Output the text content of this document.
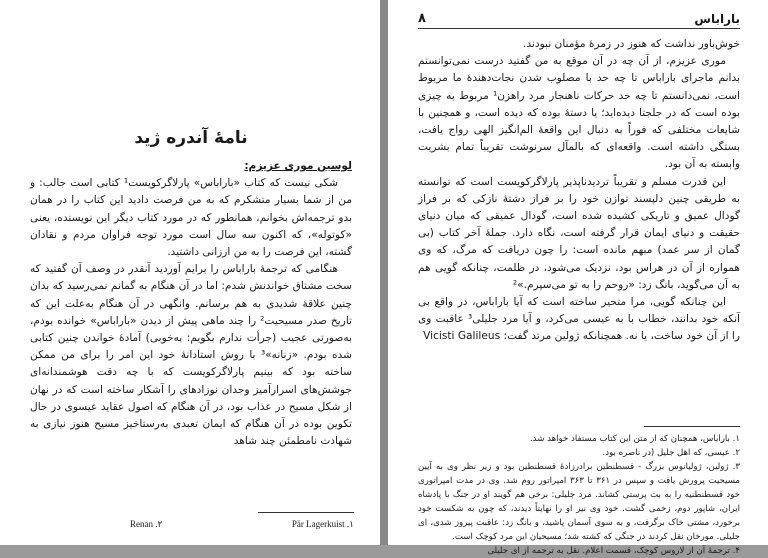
نامهٔ آندره ژید

لوسین موری عزیزم:

شکی نیست که کتاب «باراباس» پارلاگرکویست¹ کتابی است جالب: و من از شما بسیار متشکرم که به من فرصت دادید این کتاب را در همان بدو ترجمه‌اش بخوانم، همانطور که در مورد کتاب دیگر این نویسنده، یعنی «کوتوله»، که اکنون سه سال است مورد توجه فراوان مردم و نقادان گشته، این فرصت را به من ارزانی داشتید.

هنگامی که ترجمهٔ باراباس را برایم آوردید آنقدر در وصف آن گفتید که سخت مشتاق خواندنش شدم: اما در آن هنگام به گمانم نمی‌رسید که بدان چنین علاقهٔ شدیدی به هم برسانم. وانگهی در آن هنگام به‌علت این که تاریخ صدر مسیحیت² را چند ماهی پیش از دیدن «باراباس» خوانده بودم، به‌صورتی عجیب (جرأت ندارم بگویم: به‌خوبی) آمادهٔ خواندن چنین کتابی شده بودم. «زنانه»³ با روش استادانهٔ خود این امر را برای من ممکن ساخته بود که بینیم پارلاگرکویست که با چه دقت هوشمندانه‌ای جوشش‌های اسرارآمیز وجدان نوزادهای را آشکار ساخته است که در نهان از شکل مسیح در عذاب بود، در آن هنگام که اصول عقاید عیسوی در حال تکوین بوده در آن هنگام که ایمان تعبدی به‌رستاخیز مسیح هنوز نیازی به شهادت نامطمئن چند شاهد

Pär Lagerkuist .۱
Renan .۲
باراباس
۸

خوش‌باور نداشت که هنوز در زمرهٔ مؤمنان نبودند.

موری عزیزم، از آن چه در آن موقع به من گفتید درست نمی‌توانستم بدانم ماجرای باراباس تا چه حد با مصلوب شدن نجات‌دهندهٔ ما مربوط است، نمی‌دانستم تا چه حد حرکات ناهنجار مرد راهزن¹ مربوط به چیزی بوده است که در جلجتا دیده‌اید؛ یا دستهٔ بوده که دیده است، و همچنین با شایعات مختلفی که فوراً به دنبال این واقعهٔ الم‌انگیز الهی رواج یافت، بستگی داشته است. واقعه‌ای که بالمآل سرنوشت تقریباً تمام بشریت وابسته به آن بود.

این قدرت مسلم و تقریباً تردیدناپذیر پارلاگرکویست است که توانسته به طریقی چنین دلپسند توازن خود را بر فراز دشتهٔ نازکی که بر فراز گودال عمیق و تاریکی کشیده شده است، گودال عمیقی که میان دنیای حقیقت و دنیای ایمان قرار گرفته است، نگاه دارد. جملهٔ آخر کتاب (بی گمان از سر عمد) مبهم مانده است: را چون دریافت که مرگ، که وی همواره از آن در هراس بود، نزدیک می‌شود، در ظلمت، چنانکه گویی هم به آن می‌گوید، بانگ زد: «روحم را به تو می‌سپرم.»²

این چنانکه گویی، مرا متحیر ساخته است که آیا باراباس، در واقع بی آنکه خود بدانند، خطاب با به عیسی می‌کرد، و آیا مرد جلیلی³ عاقبت وی را از آن خود ساخت، یا نه. همچنانکه ژولین مرتد گفت: Vicisti Galileus

۱. باراباس، همچنان که از متن این کتاب مستفاد خواهد شد.

۲. عیسی، که اهل جلیل (در ناصره بود.

۳. ژولین، ژولیانوس بزرگ - قسطنطین برادرزادهٔ قسطنطین بود و زیر نظر وی به آیین مسیحیت پرورش یافت و سپس در ۳۶۱ تا ۳۶۳ امپراتور روم شد. وی در مدت امپراتوری خود قسطنطنیه را به بت پرستی کشاند. مرد جلیلی: برخی هم گویند او در جنگ با پادشاه ایران، شاپور دوم، زخمی گشت. خود وی نیز او را نهایتاً دیدند، که چون به شکست خود برخورد، مشتی خاک برگرفت، و به سوی آسمان پاشید، و بانگ زد: عاقبت پیروز شدی، ای جلیلی. مورخان نقل کردند در جنگی که کشته شد؛ مسیحیان این مرد کوچک است.

۴. ترجمهٔ آن از لاروس کوچک، قسمت اعلام. نقل به ترجمه از ای جلیلی
